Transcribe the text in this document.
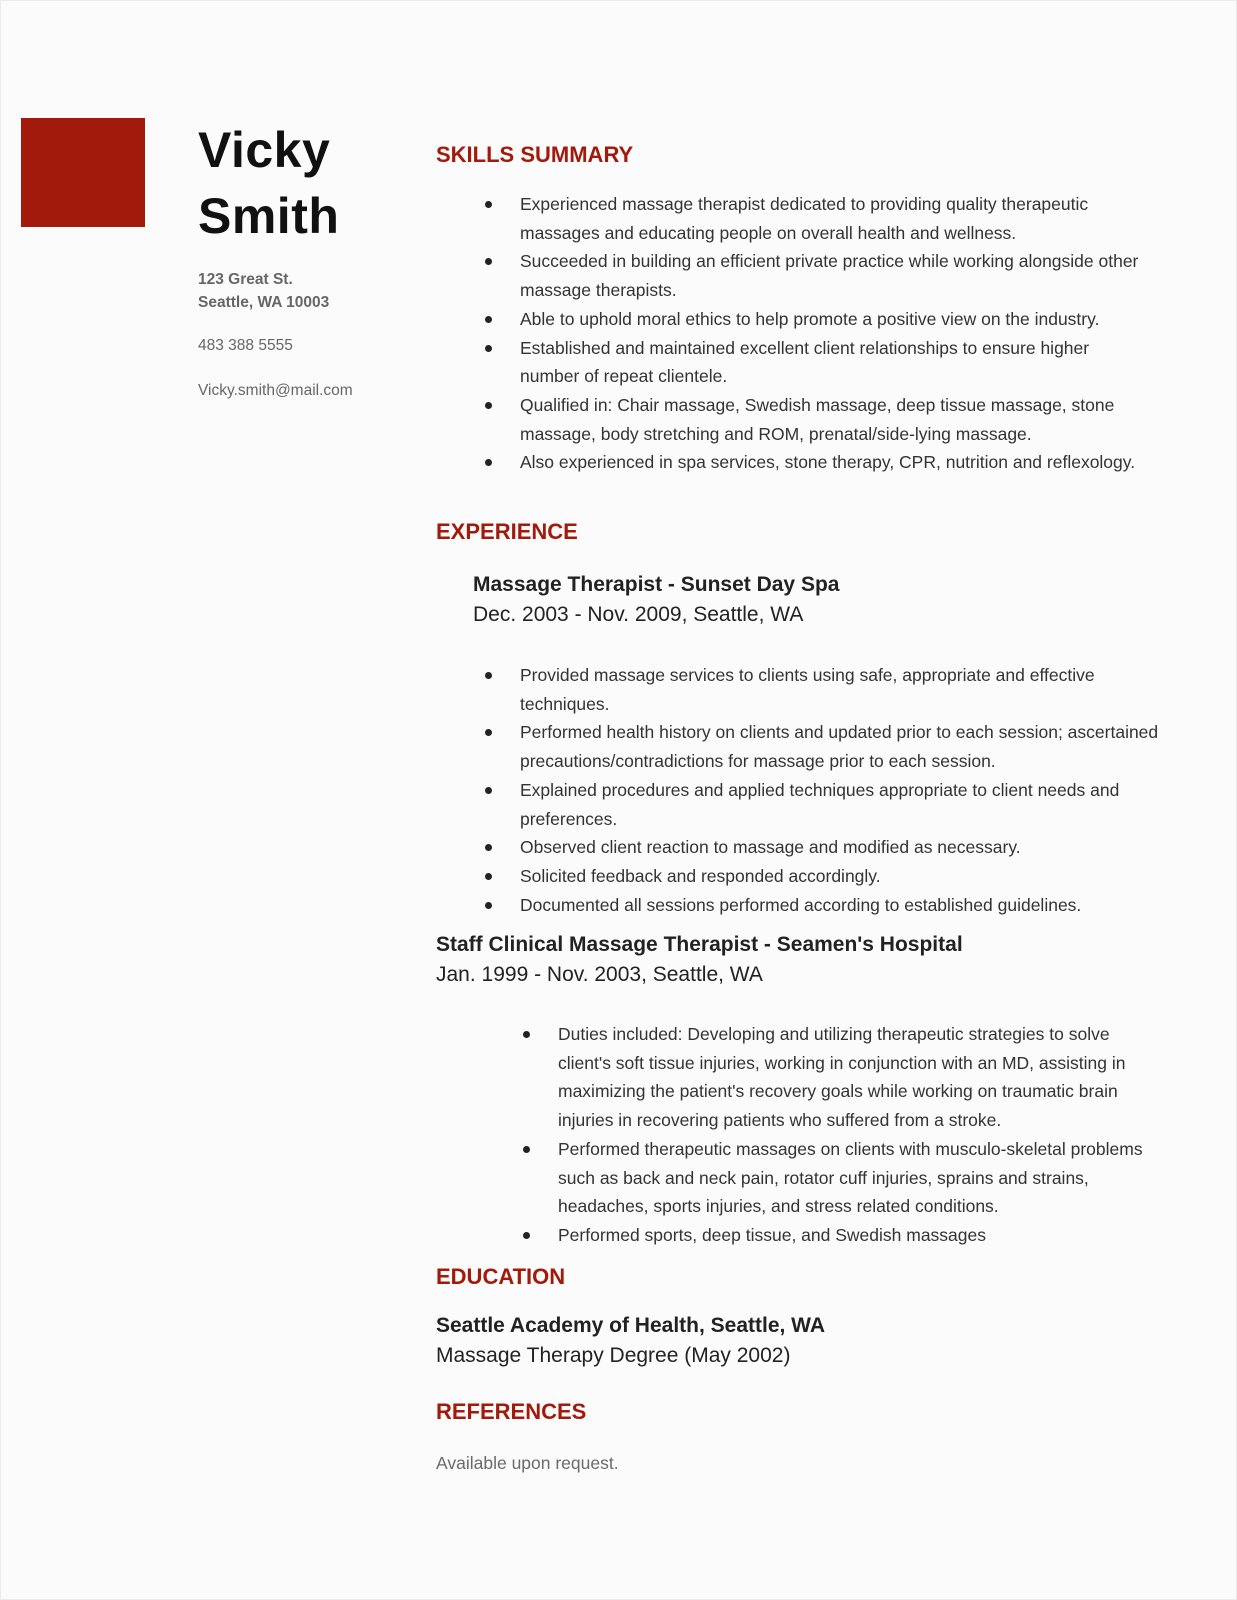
Vicky
Smith
123 Great St.
Seattle, WA 10003
483 388 5555
Vicky.smith@mail.com
SKILLS SUMMARY
Experienced massage therapist dedicated to providing quality therapeutic massages and educating people on overall health and wellness.
Succeeded in building an efficient private practice while working alongside other massage therapists.
Able to uphold moral ethics to help promote a positive view on the industry.
Established and maintained excellent client relationships to ensure higher number of repeat clientele.
Qualified in: Chair massage, Swedish massage, deep tissue massage, stone massage, body stretching and ROM, prenatal/side-lying massage.
Also experienced in spa services, stone therapy, CPR, nutrition and reflexology.
EXPERIENCE
Massage Therapist - Sunset Day Spa
Dec. 2003 - Nov. 2009, Seattle, WA
Provided massage services to clients using safe, appropriate and effective techniques.
Performed health history on clients and updated prior to each session; ascertained precautions/contradictions for massage prior to each session.
Explained procedures and applied techniques appropriate to client needs and preferences.
Observed client reaction to massage and modified as necessary.
Solicited feedback and responded accordingly.
Documented all sessions performed according to established guidelines.
Staff Clinical Massage Therapist - Seamen's Hospital
Jan. 1999 - Nov. 2003, Seattle, WA
Duties included: Developing and utilizing therapeutic strategies to solve client's soft tissue injuries, working in conjunction with an MD, assisting in maximizing the patient's recovery goals while working on traumatic brain injuries in recovering patients who suffered from a stroke.
Performed therapeutic massages on clients with musculo-skeletal problems such as back and neck pain, rotator cuff injuries, sprains and strains, headaches, sports injuries, and stress related conditions.
Performed sports, deep tissue, and Swedish massages
EDUCATION
Seattle Academy of Health, Seattle, WA
Massage Therapy Degree (May 2002)
REFERENCES
Available upon request.
